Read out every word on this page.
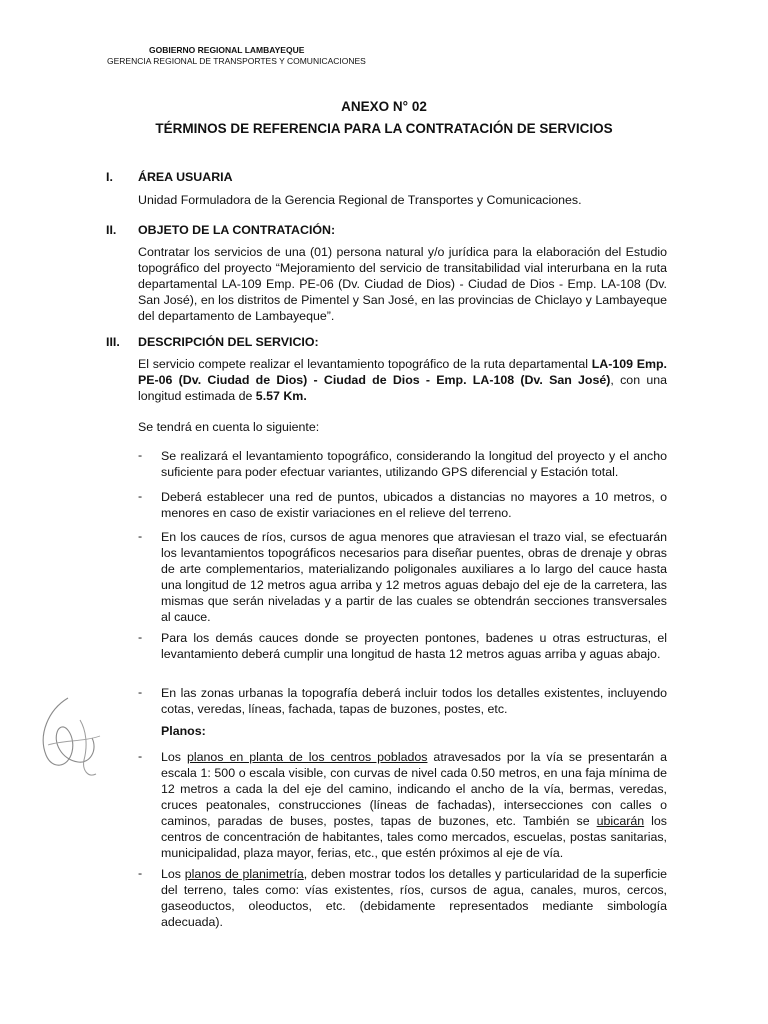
GOBIERNO REGIONAL LAMBAYEQUE
GERENCIA REGIONAL DE TRANSPORTES Y COMUNICACIONES
ANEXO N° 02
TÉRMINOS DE REFERENCIA PARA LA CONTRATACIÓN DE SERVICIOS
I. ÁREA USUARIA
Unidad Formuladora de la Gerencia Regional de Transportes y Comunicaciones.
II. OBJETO DE LA CONTRATACIÓN:
Contratar los servicios de una (01) persona natural y/o jurídica para la elaboración del Estudio topográfico del proyecto “Mejoramiento del servicio de transitabilidad vial interurbana en la ruta departamental LA-109 Emp. PE-06 (Dv. Ciudad de Dios) - Ciudad de Dios - Emp. LA-108 (Dv. San José), en los distritos de Pimentel y San José, en las provincias de Chiclayo y Lambayeque del departamento de Lambayeque”.
III. DESCRIPCIÓN DEL SERVICIO:
El servicio compete realizar el levantamiento topográfico de la ruta departamental LA-109 Emp. PE-06 (Dv. Ciudad de Dios) - Ciudad de Dios - Emp. LA-108 (Dv. San José), con una longitud estimada de 5.57 Km.
Se tendrá en cuenta lo siguiente:
- Se realizará el levantamiento topográfico, considerando la longitud del proyecto y el ancho suficiente para poder efectuar variantes, utilizando GPS diferencial y Estación total.
- Deberá establecer una red de puntos, ubicados a distancias no mayores a 10 metros, o menores en caso de existir variaciones en el relieve del terreno.
- En los cauces de ríos, cursos de agua menores que atraviesan el trazo vial, se efectuarán los levantamientos topográficos necesarios para diseñar puentes, obras de drenaje y obras de arte complementarios, materializando poligonales auxiliares a lo largo del cauce hasta una longitud de 12 metros agua arriba y 12 metros aguas debajo del eje de la carretera, las mismas que serán niveladas y a partir de las cuales se obtendrán secciones transversales al cauce.
- Para los demás cauces donde se proyecten pontones, badenes u otras estructuras, el levantamiento deberá cumplir una longitud de hasta 12 metros aguas arriba y aguas abajo.
- En las zonas urbanas la topografía deberá incluir todos los detalles existentes, incluyendo cotas, veredas, líneas, fachada, tapas de buzones, postes, etc.
Planos:
- Los planos en planta de los centros poblados atravesados por la vía se presentarán a escala 1: 500 o escala visible, con curvas de nivel cada 0.50 metros, en una faja mínima de 12 metros a cada la del eje del camino, indicando el ancho de la vía, bermas, veredas, cruces peatonales, construcciones (líneas de fachadas), intersecciones con calles o caminos, paradas de buses, postes, tapas de buzones, etc. También se ubicarán los centros de concentración de habitantes, tales como mercados, escuelas, postas sanitarias, municipalidad, plaza mayor, ferias, etc., que estén próximos al eje de vía.
- Los planos de planimetría, deben mostrar todos los detalles y particularidad de la superficie del terreno, tales como: vías existentes, ríos, cursos de agua, canales, muros, cercos, gaseoductos, oleoductos, etc. (debidamente representados mediante simbología adecuada).
